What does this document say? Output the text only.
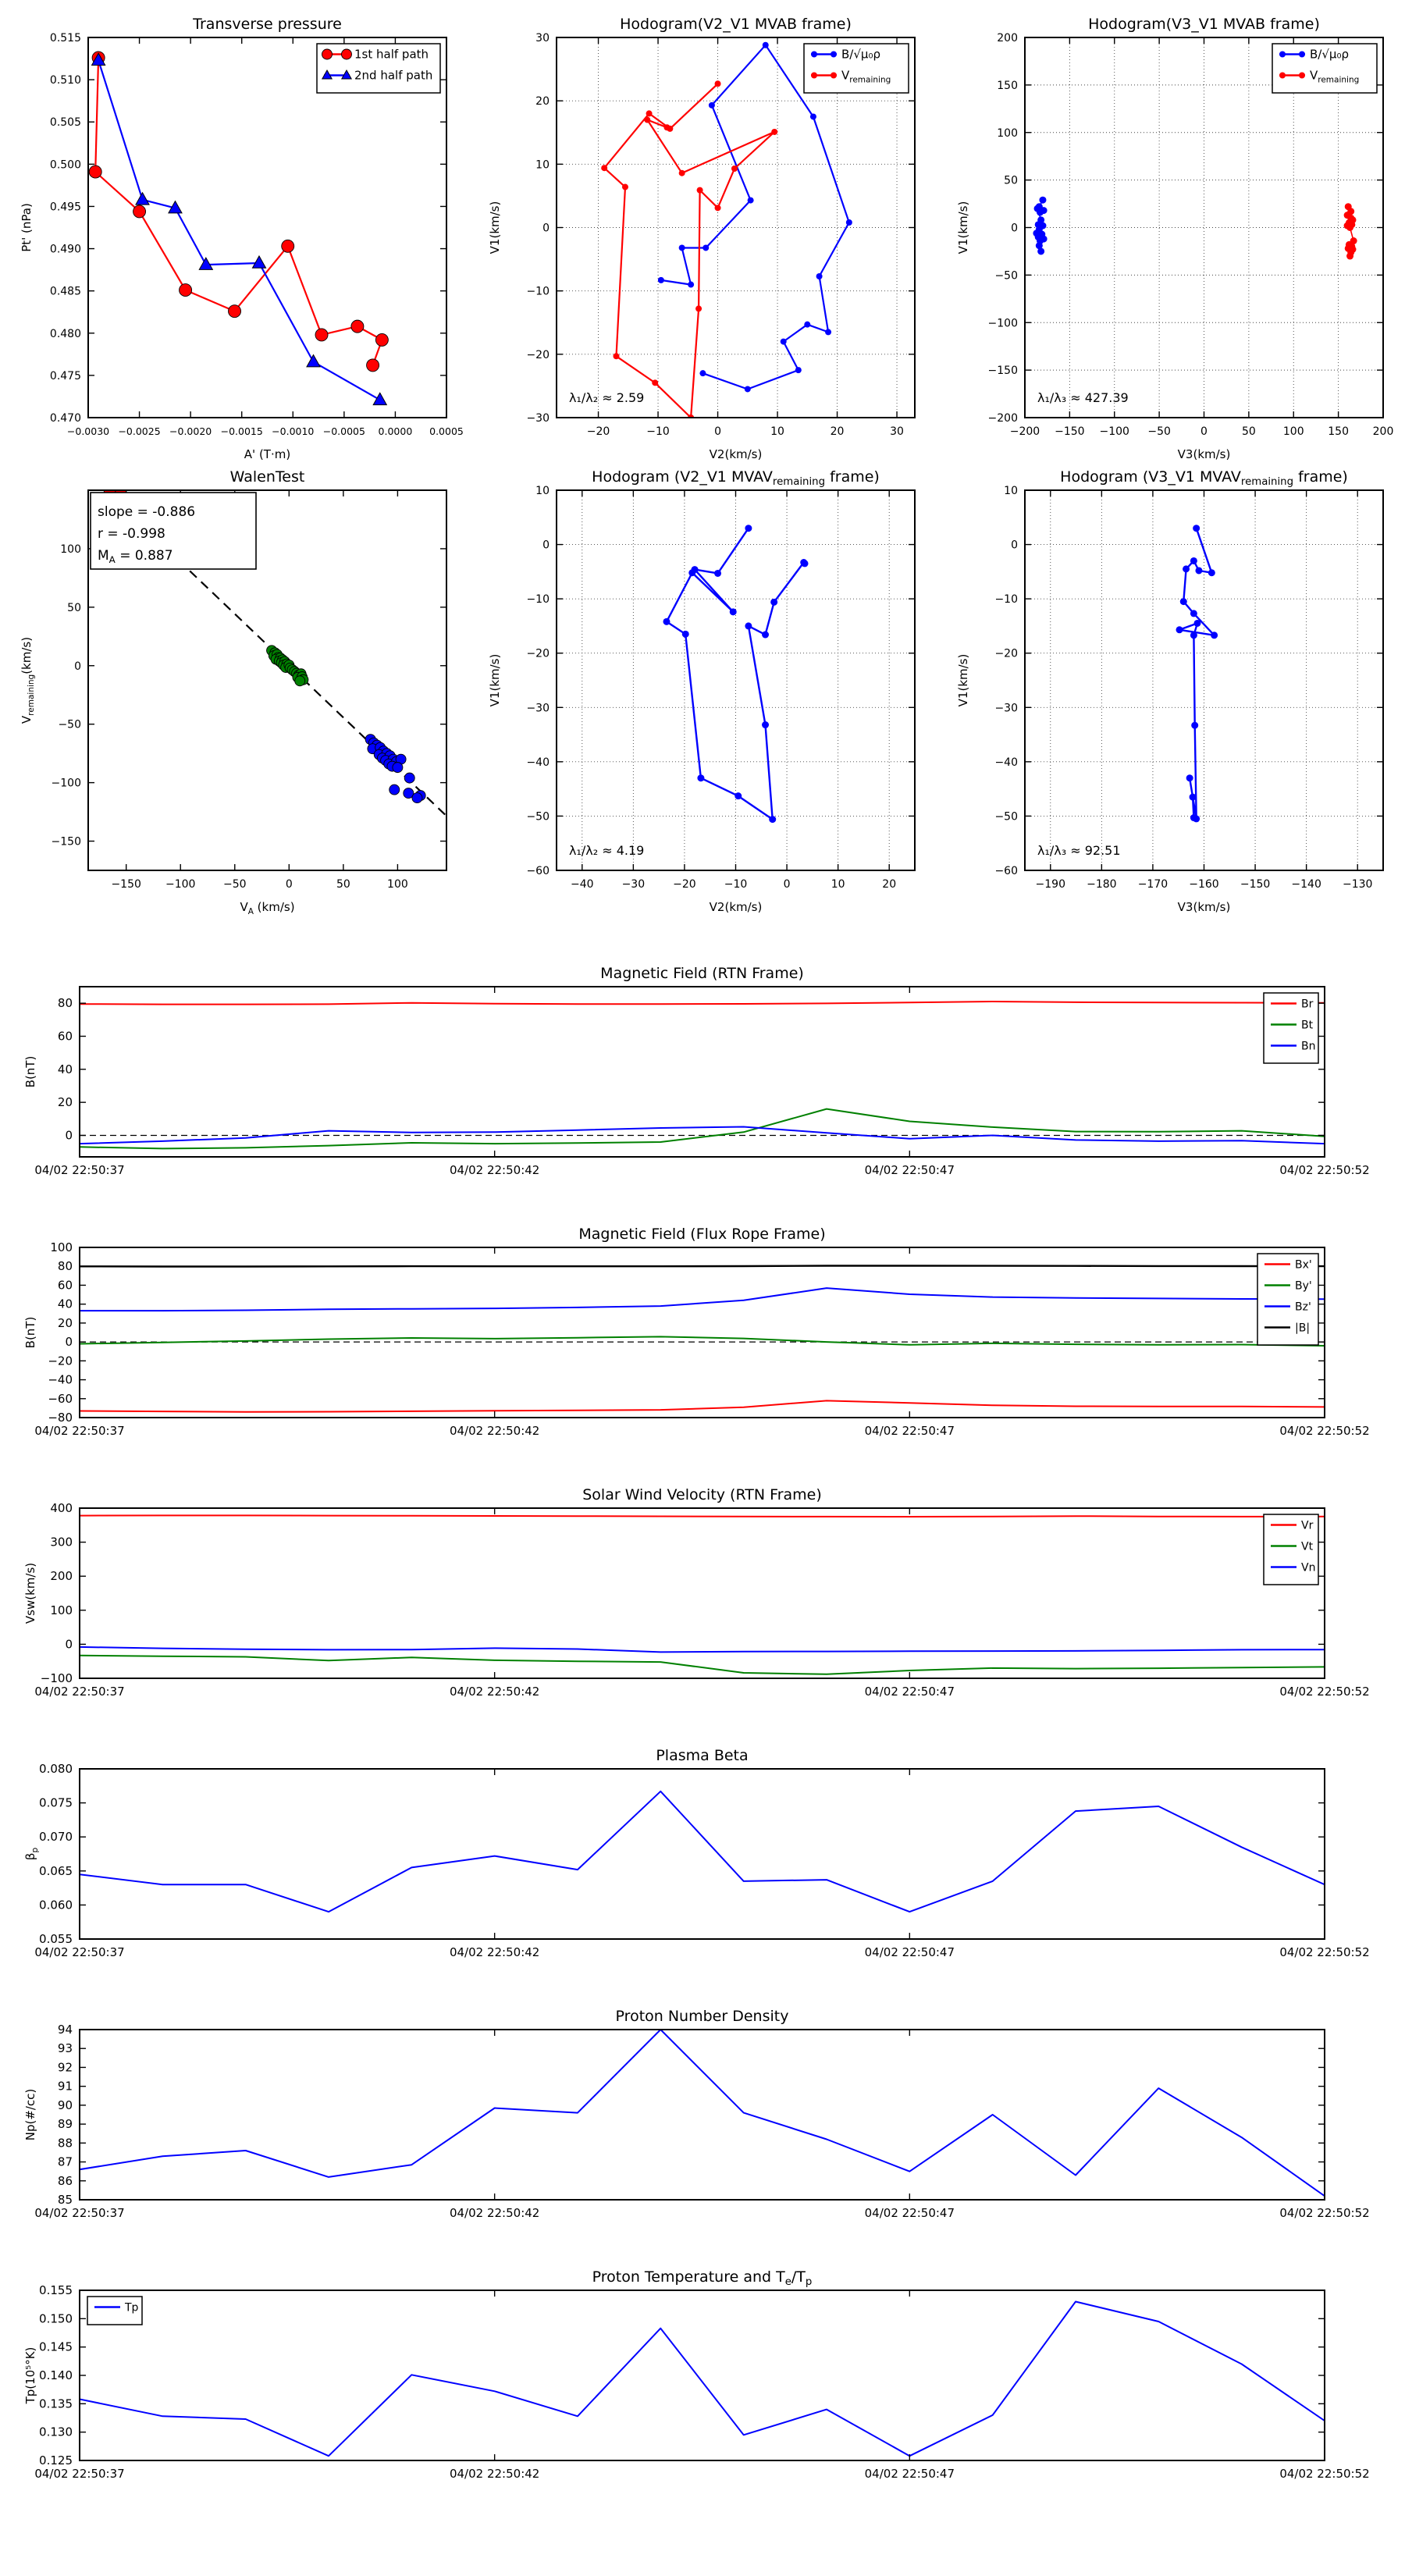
−0.0030 −0.0025 −0.0020 −0.0015 −0.0010 −0.0005 0.0000 0.0005
0.470
0.475
0.480
0.485
0.490
0.495
0.500
0.505
0.510
0.515
Transverse pressure
A' (T·m)
Pt' (nPa)
1st half path
2nd half path
−20	−10	0	10	20	30
−30
−20
−10
0
10
20
30
Hodogram(V2_V1 MVAB frame)
V2(km/s)
V1(km/s)
B/√μ₀ρ
$V_{remaining}$
λ₁/λ₂ ≈ 2.59
−200 −150 −100 −50	0	50	100 150 200
−200
−150
−100
−50
0
50
100
150
200
Hodogram(V3_V1 MVAB frame)
V3(km/s)
V1(km/s)
B/√μ₀ρ
$V_{remaining}$
λ₁/λ₃ ≈ 427.39
−150 −100	−50	0	50	100
−150
−100
−50
0
50
100
WalenTest
$V_A$ (km/s)
$V_{remaining}(km/s)$
slope = -0.886
r = -0.998
$M_A = 0.887$
−40	−30	−20	−10	0	10	20
−60
−50
−40
−30
−20
−10
0
10
Hodogram (V2_V1 $MVAV_{remaining}$ frame)
V2(km/s)
V1(km/s)
λ₁/λ₂ ≈ 4.19
−190 −180 −170 −160 −150 −140 −130
−60
−50
−40
−30
−20
−10
0
10
Hodogram (V3_V1 $MVAV_{remaining}$ frame)
V3(km/s)
V1(km/s)
λ₁/λ₃ ≈ 92.51
04/02 22:50:37	04/02 22:50:42	04/02 22:50:47	04/02 22:50:52
0
20
40
60
80
Magnetic Field (RTN Frame)
B(nT)
Br
Bt
Bn
04/02 22:50:37	04/02 22:50:42	04/02 22:50:47	04/02 22:50:52
−80
−60
−40
−20
0
20
40
60
80
100
Magnetic Field (Flux Rope Frame)
B(nT)
Bx'
By'
Bz'
|B|
04/02 22:50:37	04/02 22:50:42	04/02 22:50:47	04/02 22:50:52
−100
0
100
200
300
400
Solar Wind Velocity (RTN Frame)
Vsw(km/s)
Vr
Vt
Vn
04/02 22:50:37	04/02 22:50:42	04/02 22:50:47	04/02 22:50:52
0.055
0.060
0.065
0.070
0.075
0.080
Plasma Beta
$\beta_p$
04/02 22:50:37	04/02 22:50:42	04/02 22:50:47	04/02 22:50:52
85
86
87
88
89
90
91
92
93
94
Proton Number Density
Np(#/cc)
04/02 22:50:37	04/02 22:50:42	04/02 22:50:47	04/02 22:50:52
0.125
0.130
0.135
0.140
0.145
0.150
0.155
Proton Temperature and $T_e/T_p$
Tp(10⁵°K)
Tp
